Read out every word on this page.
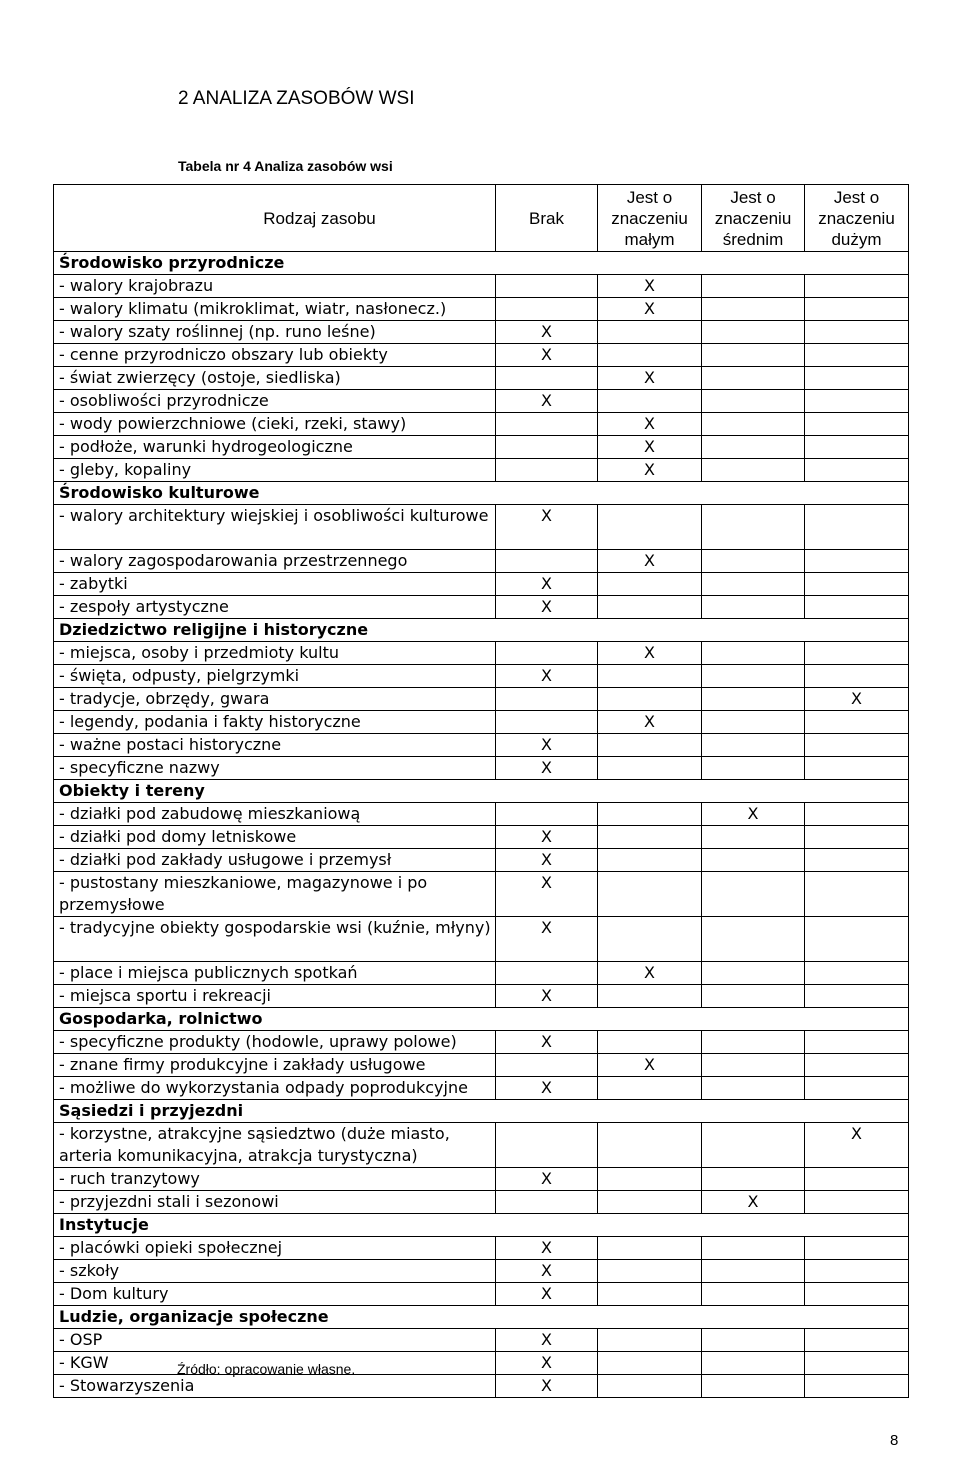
2 ANALIZA ZASOBÓW WSI
Tabela nr 4 Analiza zasobów wsi
Rodzaj zasobu	Brak	Jest o znaczeniu małym	Jest o znaczeniu średnim	Jest o znaczeniu dużym
Środowisko przyrodnicze				
- walory krajobrazu		X		
- walory klimatu (mikroklimat, wiatr, nasłonecz.)		X		
- walory szaty roślinnej (np. runo leśne)	X			
- cenne przyrodniczo obszary lub obiekty	X			
- świat zwierzęcy (ostoje, siedliska)		X		
- osobliwości przyrodnicze	X			
- wody powierzchniowe (cieki, rzeki, stawy)		X		
- podłoże, warunki hydrogeologiczne		X		
- gleby, kopaliny		X		
Środowisko kulturowe				
- walory architektury wiejskiej i osobliwości kulturowe	X			
- walory zagospodarowania przestrzennego		X		
- zabytki	X			
- zespoły artystyczne	X			
Dziedzictwo religijne i historyczne				
- miejsca, osoby i przedmioty kultu		X		
- święta, odpusty, pielgrzymki	X			
- tradycje, obrzędy, gwara				X
- legendy, podania i fakty historyczne		X		
- ważne postaci historyczne	X			
- specyficzne nazwy	X			
Obiekty i tereny				
- działki pod zabudowę mieszkaniową			X	
- działki pod domy letniskowe	X			
- działki pod zakłady usługowe i przemysł	X			
- pustostany mieszkaniowe, magazynowe i po przemysłowe	X			
- tradycyjne obiekty gospodarskie wsi (kuźnie, młyny)	X			
- place i miejsca publicznych spotkań		X		
- miejsca sportu i rekreacji	X			
Gospodarka, rolnictwo				
- specyficzne produkty (hodowle, uprawy polowe)	X			
- znane firmy produkcyjne i zakłady usługowe		X		
- możliwe do wykorzystania odpady poprodukcyjne	X			
Sąsiedzi i przyjezdni				
- korzystne, atrakcyjne sąsiedztwo (duże miasto, arteria komunikacyjna, atrakcja turystyczna)				X
- ruch tranzytowy	X			
- przyjezdni stali i sezonowi			X	
Instytucje				
- placówki opieki społecznej	X			
- szkoły	X			
- Dom kultury	X			
Ludzie, organizacje społeczne				
- OSP	X			
- KGW	X			
- Stowarzyszenia	X			
Źródło: opracowanie własne.
8
